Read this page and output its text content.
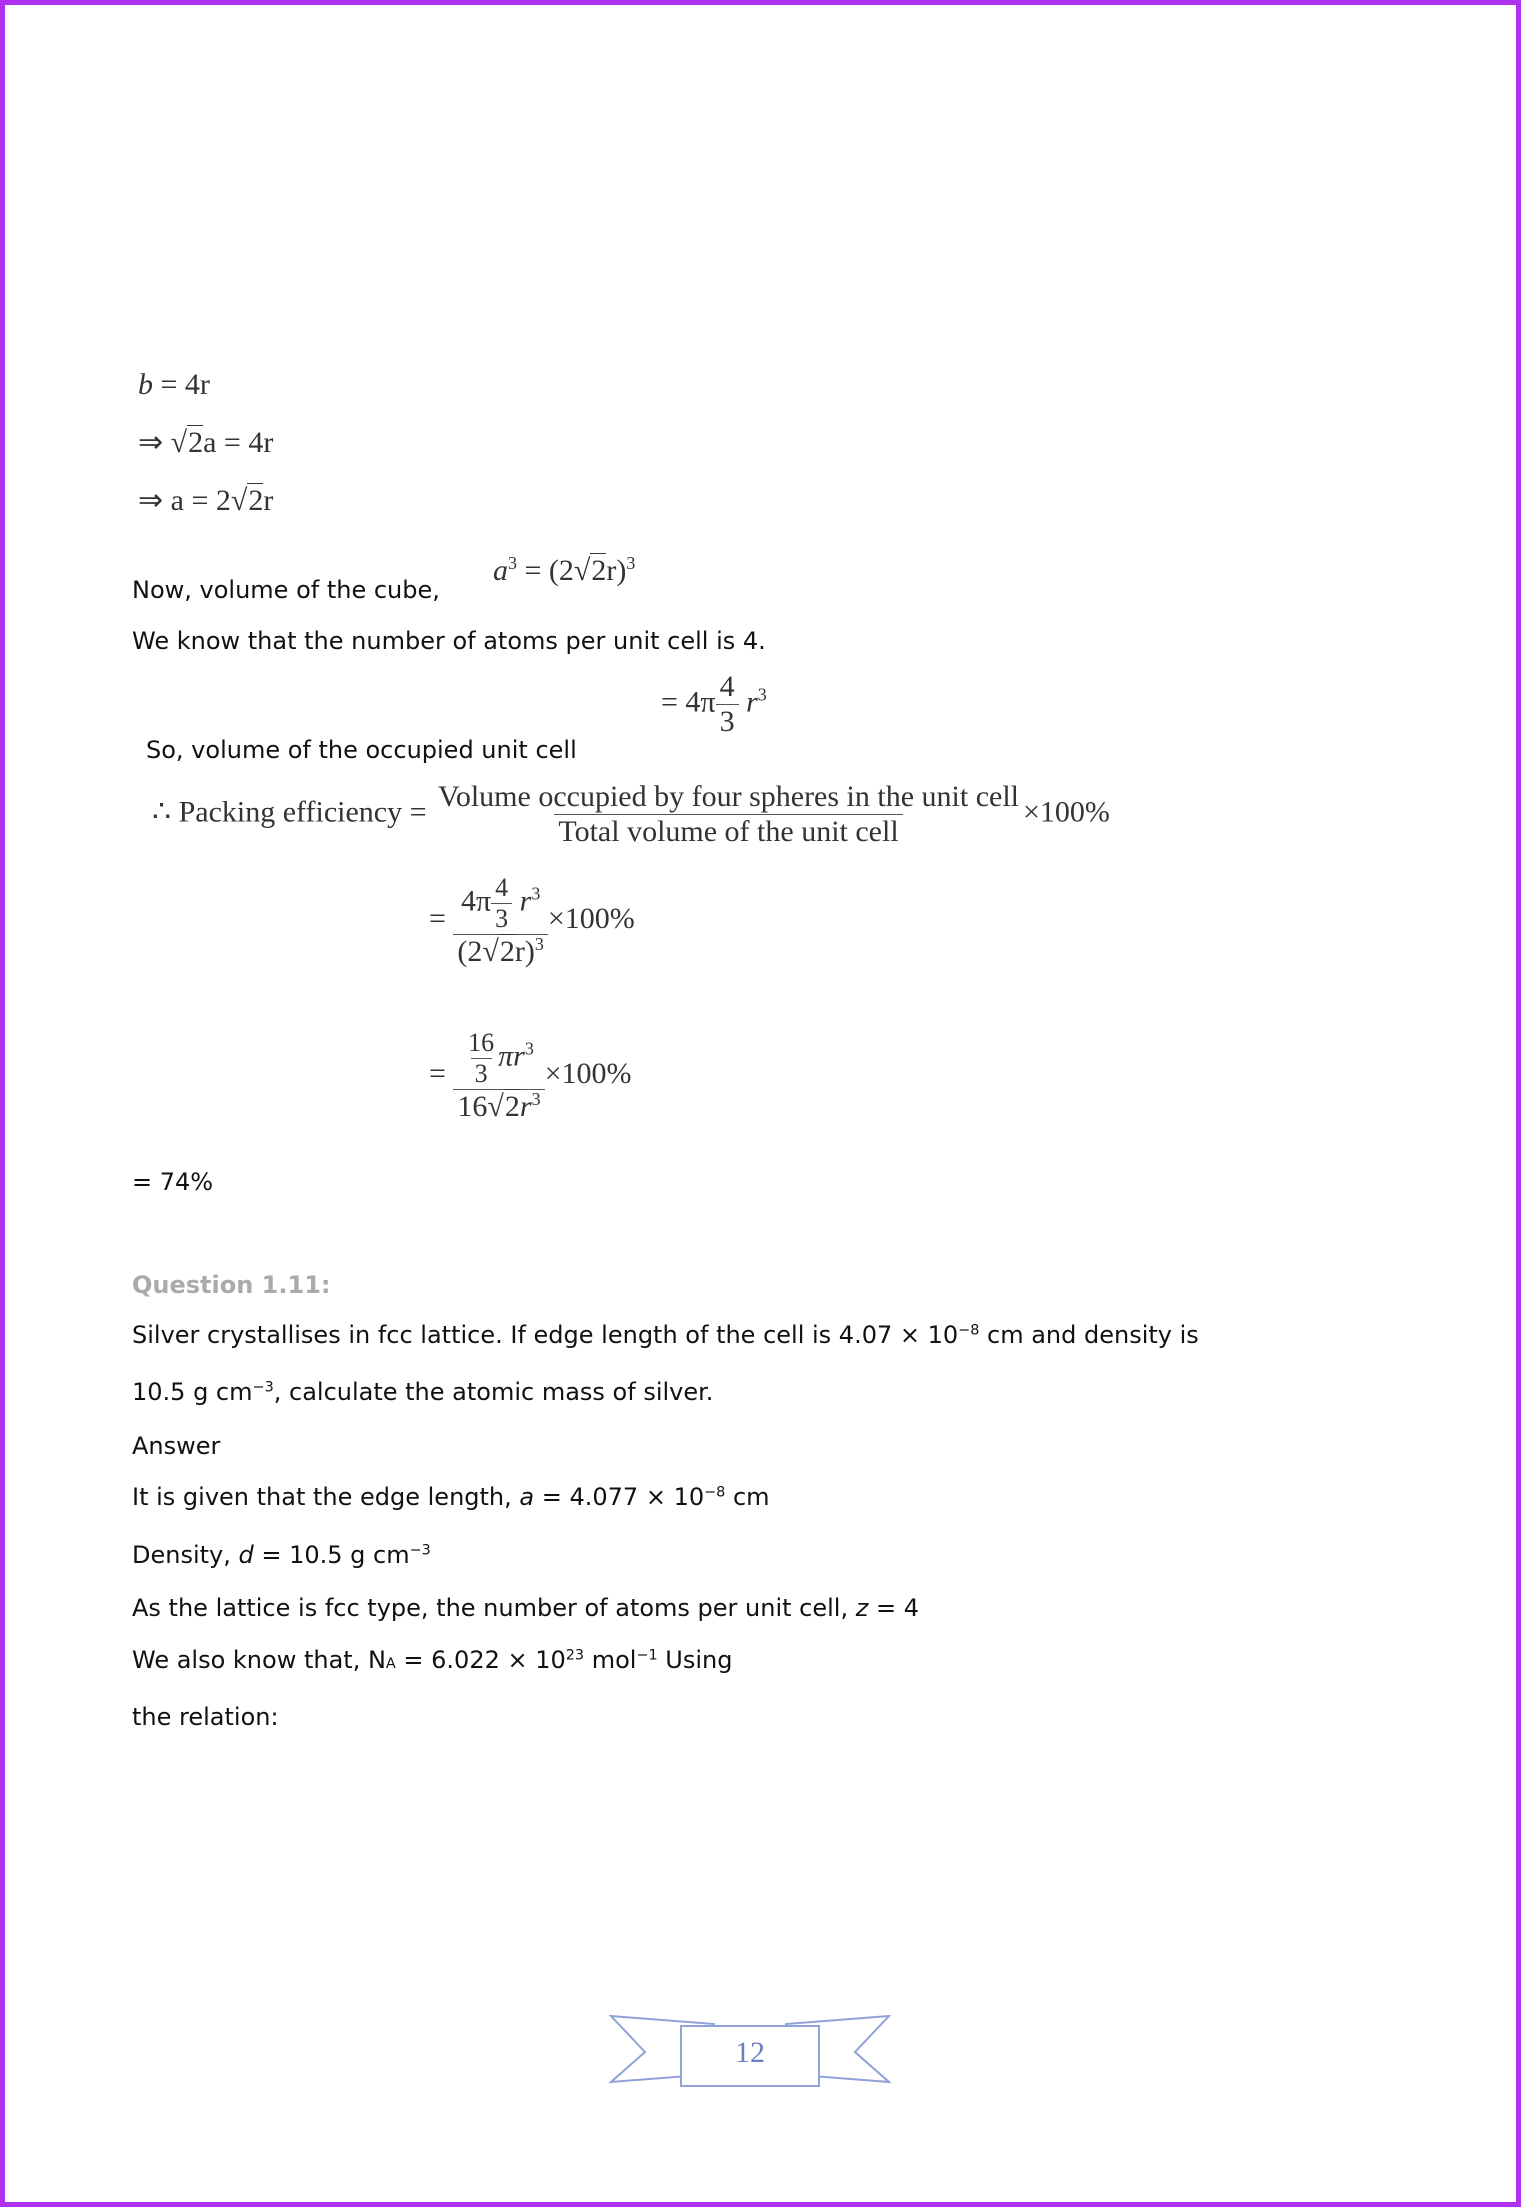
b = 4r
⇒ √2a = 4r
⇒ a = 2√2r
Now, volume of the cube,
$a^3 = (2√2r)^3$
We know that the number of atoms per unit cell is 4.
= $4\pi \frac{4}{3} r^3$
So, volume of the occupied unit cell
∴ Packing efficiency = $\frac{\text{Volume occupied by four spheres in the unit cell}}{\text{Total volume of the unit cell}} \times 100\%$
= $\frac{4\pi \frac{4}{3} r^3}{(2√2r)^3} \times 100\%$
= $\frac{\frac{16}{3} \pi r^3}{16√2r^3} \times 100\%$
= 74%
Question 1.11:
Silver crystallises in fcc lattice. If edge length of the cell is $4.07 \times 10^{-8}$ cm and density is
10.5 g $cm^{-3}$, calculate the atomic mass of silver.
Answer
It is given that the edge length, $a = 4.077 \times 10^{-8}$ cm
Density, d = 10.5 g $cm^{-3}$
As the lattice is fcc type, the number of atoms per unit cell, z = 4
We also know that, NA = $6.022 \times 10^{23}$ mol$^{-1}$ Using
the relation:
12
